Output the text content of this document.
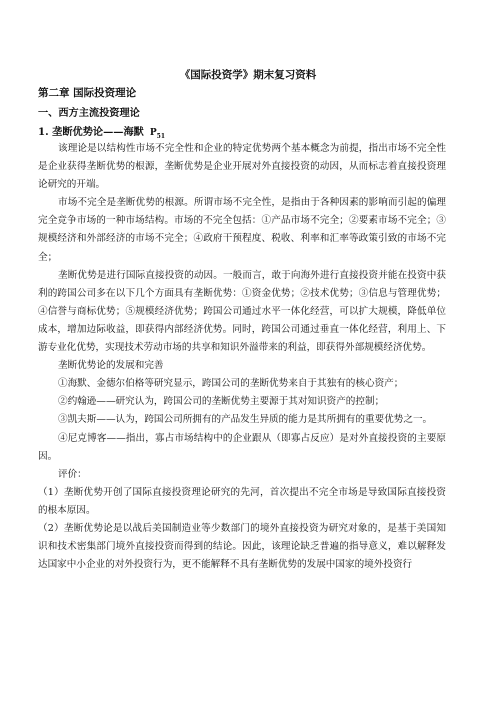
《国际投资学》期末复习资料
第二章 国际投资理论
一、西方主流投资理论
1. 垄断优势论——海默 $P_{51}$

该理论是以结构性市场不完全性和企业的特定优势两个基本概念为前提，指出市场不完全性是企业获得垄断优势的根源，垄断优势是企业开展对外直接投资的动因，从而标志着直接投资理论研究的开端。

市场不完全是垄断优势的根源。所谓市场不完全性，是指由于各种因素的影响而引起的偏理完全竞争市场的一种市场结构。市场的不完全包括：①产品市场不完全；②要素市场不完全；③规模经济和外部经济的市场不完全；④政府干预程度、税收、利率和汇率等政策引致的市场不完全；

垄断优势是进行国际直接投资的动因。一般而言，敢于向海外进行直接投资并能在投资中获利的跨国公司多在以下几个方面具有垄断优势：①资金优势；②技术优势；③信息与管理优势；④信誉与商标优势；⑤规模经济优势；跨国公司通过水平一体化经营，可以扩大规模，降低单位成本，增加边际收益，即获得内部经济优势。同时，跨国公司通过垂直一体化经营，利用上、下游专业化优势，实现技术劳动市场的共享和知识外溢带来的利益，即获得外部规模经济优势。

垄断优势论的发展和完善

①海默、金德尔伯格等研究显示，跨国公司的垄断优势来自于其独有的核心资产；

②约翰逊——研究认为，跨国公司的垄断优势主要源于其对知识资产的控制；

③凯夫斯——认为，跨国公司所拥有的产品发生异质的能力是其所拥有的重要优势之一。

④尼克博客——指出，寡占市场结构中的企业跟从（即寡占反应）是对外直接投资的主要原因。

评价：

（1）垄断优势开创了国际直接投资理论研究的先河，首次提出不完全市场是导致国际直接投资的根本原因。

（2）垄断优势论是以战后美国制造业等少数部门的境外直接投资为研究对象的，是基于美国知识和技术密集部门境外直接投资而得到的结论。因此，该理论缺乏普遍的指导意义，难以解释发达国家中小企业的对外投资行为，更不能解释不具有垄断优势的发展中国家的境外投资行
